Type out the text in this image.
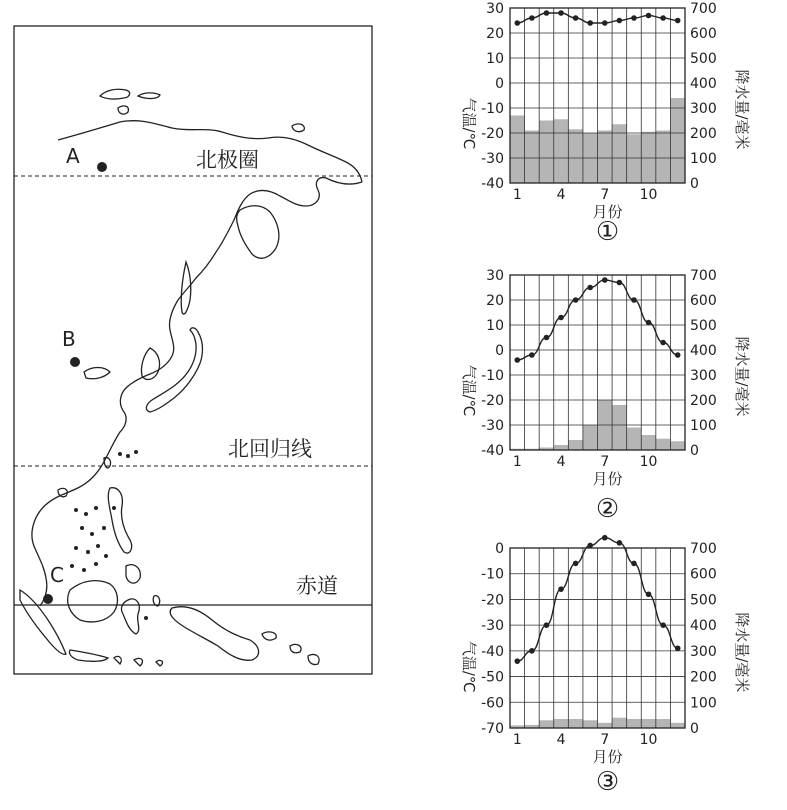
北极圈
北回归线
赤道
A
B
C
30
20
10
0
-10
-20
-30
-40
700
600
500
400
300
200
100
0
1 4 7 10
月份
气温/℃	降水量/毫米
①
30
20
10
0
-10
-20
-30
-40
700
600
500
400
300
200
100
0
1 4 7 10
月份
气温/℃	降水量/毫米
②
0
-10
-20
-30
-40
-50
-60
-70
700
600
500
400
300
200
100
0
1 4 7 10
月份
气温/℃	降水量/毫米
③
